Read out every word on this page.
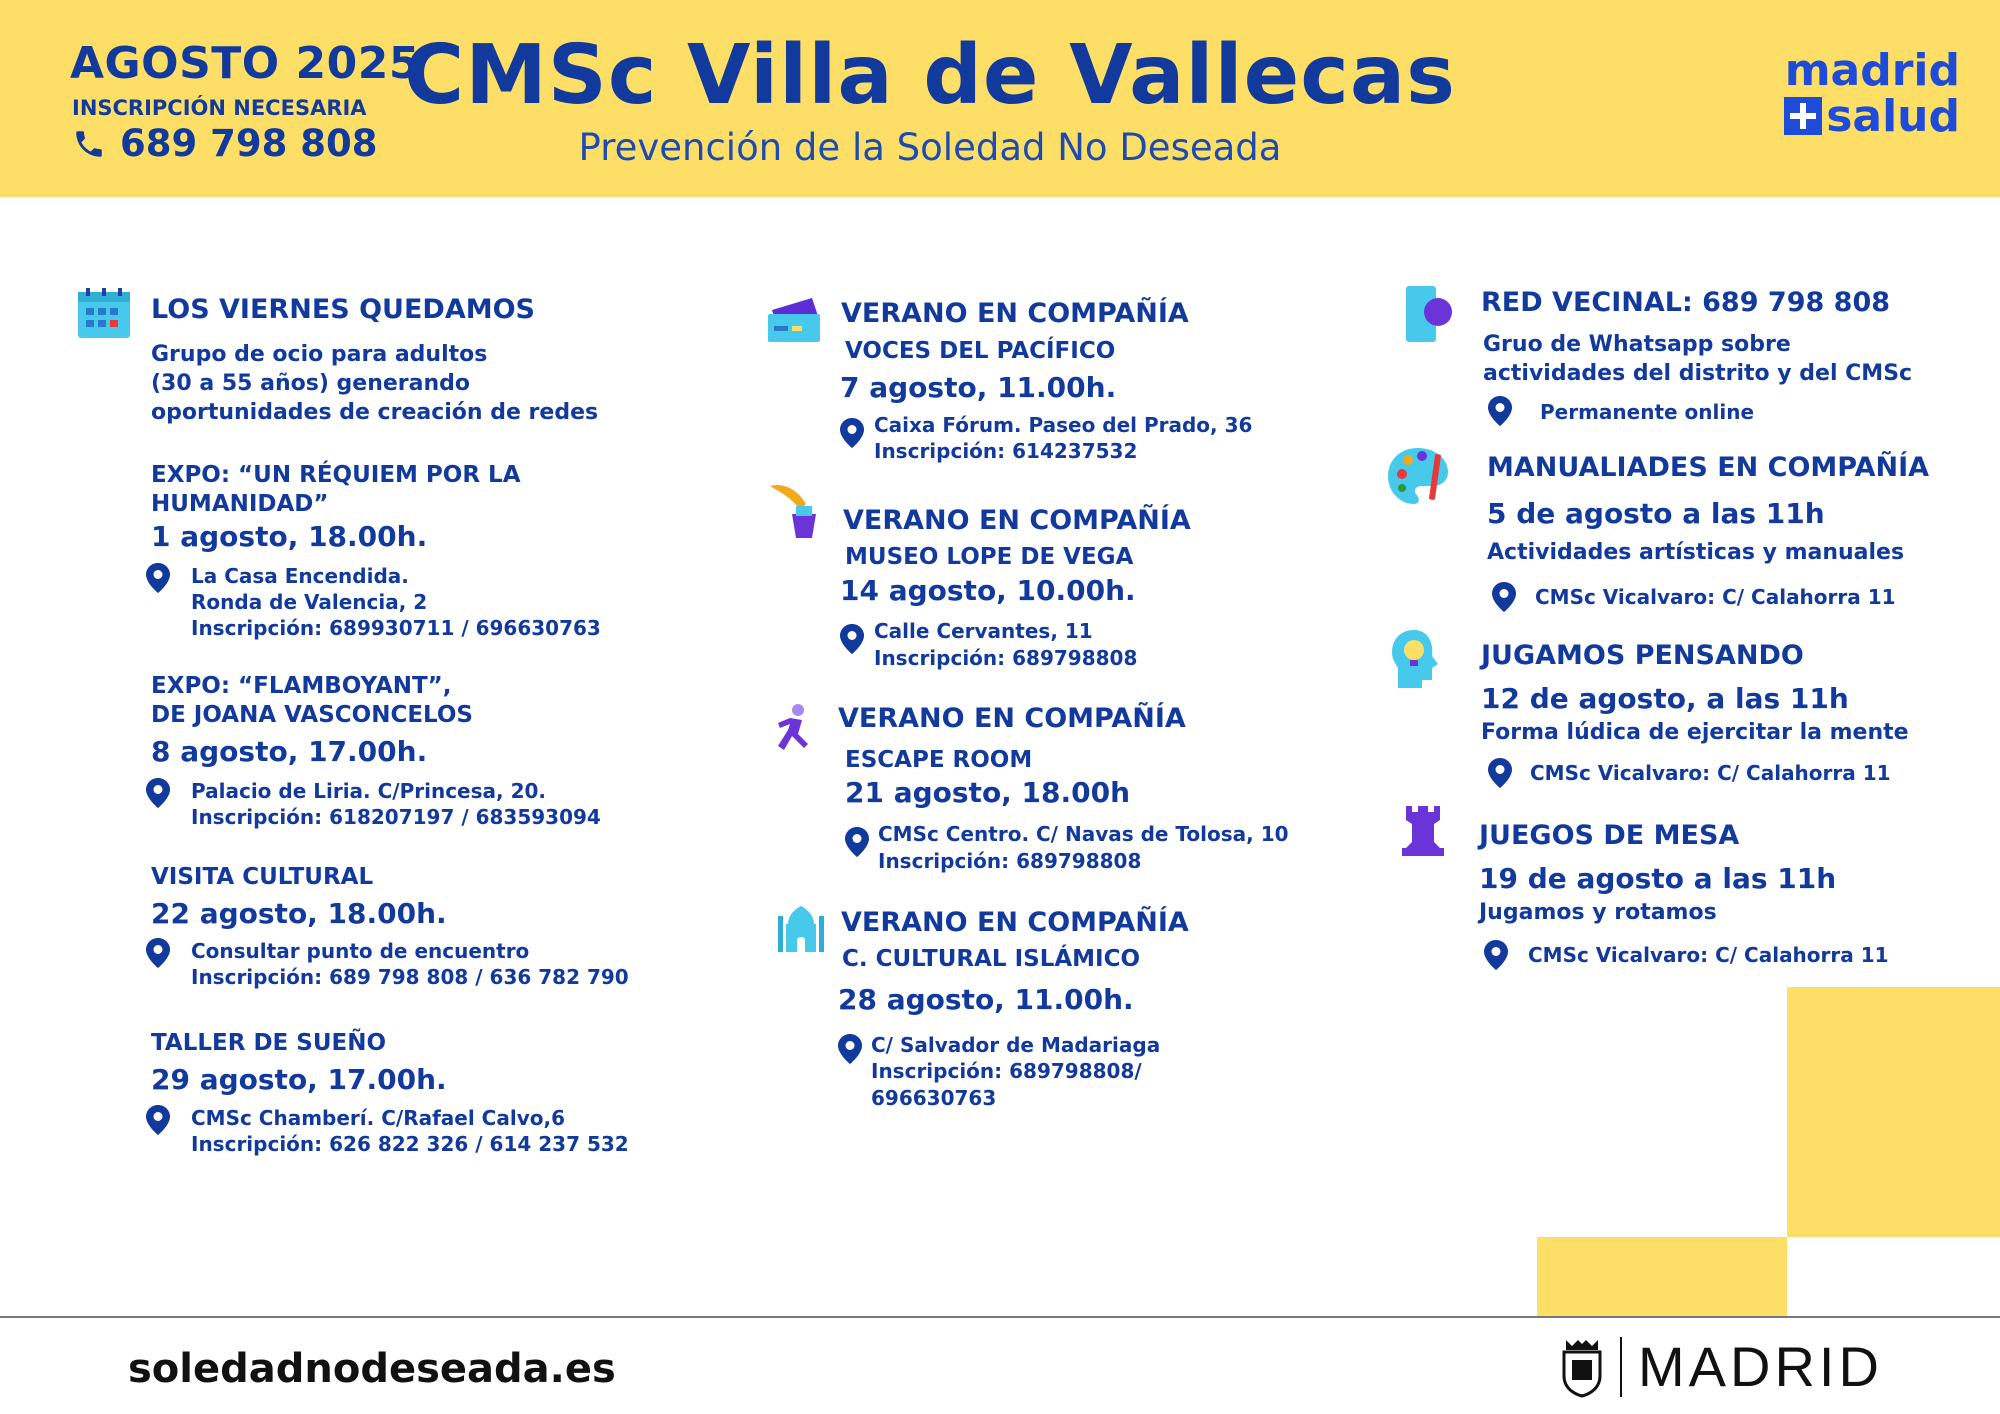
AGOSTO 2025
INSCRIPCIÓN NECESARIA
689 798 808
CMSc Villa de Vallecas
Prevención de la Soledad No Deseada
madrid
salud
LOS VIERNES QUEDAMOS
Grupo de ocio para adultos
(30 a 55 años) generando
oportunidades de creación de redes
EXPO: “UN RÉQUIEM POR LA
HUMANIDAD”
1 agosto, 18.00h.
La Casa Encendida.
Ronda de Valencia, 2
Inscripción: 689930711 / 696630763
EXPO: “FLAMBOYANT”,
DE JOANA VASCONCELOS
8 agosto, 17.00h.
Palacio de Liria. C/Princesa, 20.
Inscripción: 618207197 / 683593094
VISITA CULTURAL
22 agosto, 18.00h.
Consultar punto de encuentro
Inscripción: 689 798 808 / 636 782 790
TALLER DE SUEÑO
29 agosto, 17.00h.
CMSc Chamberí. C/Rafael Calvo,6
Inscripción: 626 822 326 / 614 237 532
VERANO EN COMPAÑÍA
VOCES DEL PACÍFICO
7 agosto, 11.00h.
Caixa Fórum. Paseo del Prado, 36
Inscripción: 614237532
VERANO EN COMPAÑÍA
MUSEO LOPE DE VEGA
14 agosto, 10.00h.
Calle Cervantes, 11
Inscripción: 689798808
VERANO EN COMPAÑÍA
ESCAPE ROOM
21 agosto, 18.00h
CMSc Centro. C/ Navas de Tolosa, 10
Inscripción: 689798808
VERANO EN COMPAÑÍA
C. CULTURAL ISLÁMICO
28 agosto, 11.00h.
C/ Salvador de Madariaga
Inscripción: 689798808/
696630763
RED VECINAL: 689 798 808
Gruo de Whatsapp sobre
actividades del distrito y del CMSc
Permanente online
MANUALIADES EN COMPAÑÍA
5 de agosto a las 11h
Actividades artísticas y manuales
CMSc Vicalvaro: C/ Calahorra 11
JUGAMOS PENSANDO
12 de agosto, a las 11h
Forma lúdica de ejercitar la mente
CMSc Vicalvaro: C/ Calahorra 11
JUEGOS DE MESA
19 de agosto a las 11h
Jugamos y rotamos
CMSc Vicalvaro: C/ Calahorra 11
soledadnodeseada.es	MADRID
